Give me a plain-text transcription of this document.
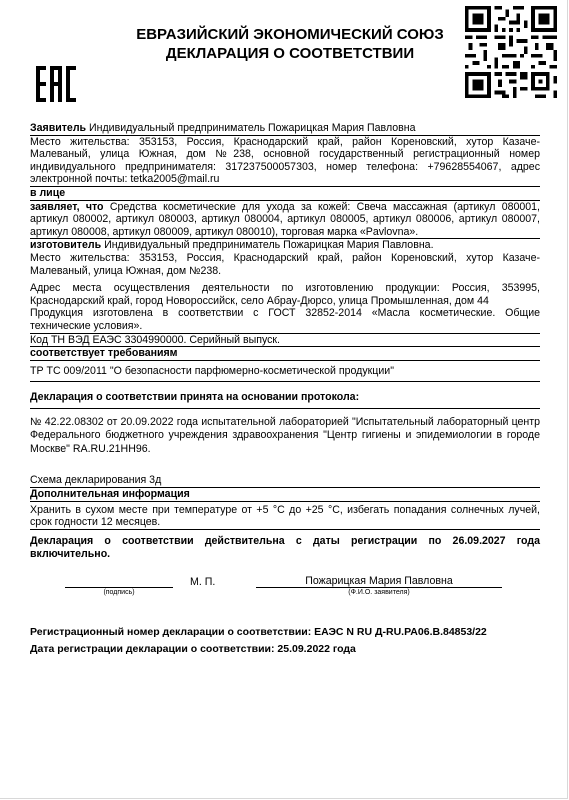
ЕВРАЗИЙСКИЙ ЭКОНОМИЧЕСКИЙ СОЮЗ
ДЕКЛАРАЦИЯ О СООТВЕТСТВИИ
Заявитель Индивидуальный предприниматель Пожарицкая Мария Павловна
Место жительства: 353153, Россия, Краснодарский край, район Кореновский, хутор Казаче-Малеваный, улица Южная, дом №238, основной государственный регистрационный номер индивидуального предпринимателя: 317237500057303, номер телефона: +79628554067, адрес электронной почты: tetka2005@mail.ru
в лице
заявляет, что Средства косметические для ухода за кожей: Свеча массажная (артикул 080001, артикул 080002, артикул 080003, артикул 080004, артикул 080005, артикул 080006, артикул 080007, артикул 080008, артикул 080009, артикул 080010), торговая марка «Pavlovna».
изготовитель Индивидуальный предприниматель Пожарицкая Мария Павловна.
Место жительства: 353153, Россия, Краснодарский край, район Кореновский, хутор Казаче-Малеваный, улица Южная, дом №238.
Адрес места осуществления деятельности по изготовлению продукции: Россия, 353995, Краснодарский край, город Новороссийск, село Абрау-Дюрсо, улица Промышленная, дом 44
Продукция изготовлена в соответствии с ГОСТ 32852-2014 «Масла косметические. Общие технические условия».
Код ТН ВЭД ЕАЭС 3304990000. Серийный выпуск.
соответствует требованиям
ТР ТС 009/2011 "О безопасности парфюмерно-косметической продукции"
Декларация о соответствии принята на основании протокола:
№ 42.22.08302 от 20.09.2022 года испытательной лабораторией "Испытательный лабораторный центр Федерального бюджетного учреждения здравоохранения "Центр гигиены и эпидемиологии в городе Москве" RA.RU.21HH96.
Схема декларирования 3д
Дополнительная информация
Хранить в сухом месте при температуре от +5 °С до +25 °С, избегать попадания солнечных лучей, срок годности 12 месяцев.
Декларация о соответствии действительна с даты регистрации по 26.09.2027 года включительно.
М. П.	Пожарицкая Мария Павловна
(подпись)	(Ф.И.О. заявителя)
Регистрационный номер декларации о соответствии: ЕАЭС N RU Д-RU.PA06.B.84853/22
Дата регистрации декларации о соответствии: 25.09.2022 года
